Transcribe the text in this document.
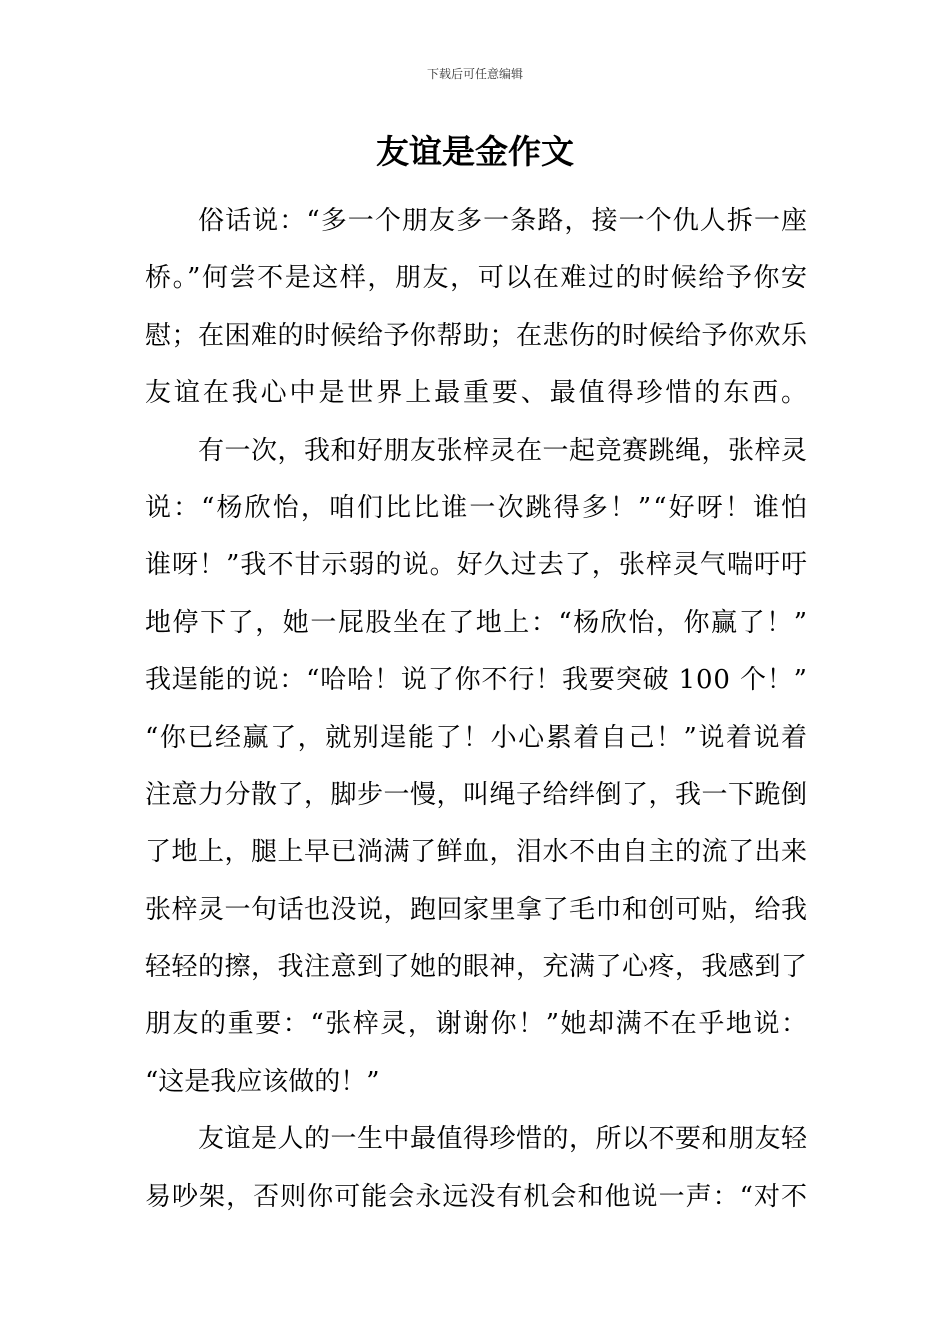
下载后可任意编辑
友谊是金作文
俗话说：“多一个朋友多一条路，接一个仇人拆一座
桥。”何尝不是这样，朋友，可以在难过的时候给予你安
慰；在困难的时候给予你帮助；在悲伤的时候给予你欢乐
友谊在我心中是世界上最重要、最值得珍惜的东西。
有一次，我和好朋友张梓灵在一起竞赛跳绳，张梓灵
说：“杨欣怡，咱们比比谁一次跳得多！”“好呀！谁怕
谁呀！”我不甘示弱的说。好久过去了，张梓灵气喘吁吁
地停下了，她一屁股坐在了地上：“杨欣怡，你赢了！”
我逞能的说：“哈哈！说了你不行！我要突破 100 个！”
“你已经赢了，就别逞能了！小心累着自己！”说着说着
注意力分散了，脚步一慢，叫绳子给绊倒了，我一下跪倒
了地上，腿上早已淌满了鲜血，泪水不由自主的流了出来
张梓灵一句话也没说，跑回家里拿了毛巾和创可贴，给我
轻轻的擦，我注意到了她的眼神，充满了心疼，我感到了
朋友的重要：“张梓灵，谢谢你！”她却满不在乎地说：
“这是我应该做的！”
友谊是人的一生中最值得珍惜的，所以不要和朋友轻
易吵架，否则你可能会永远没有机会和他说一声：“对不
